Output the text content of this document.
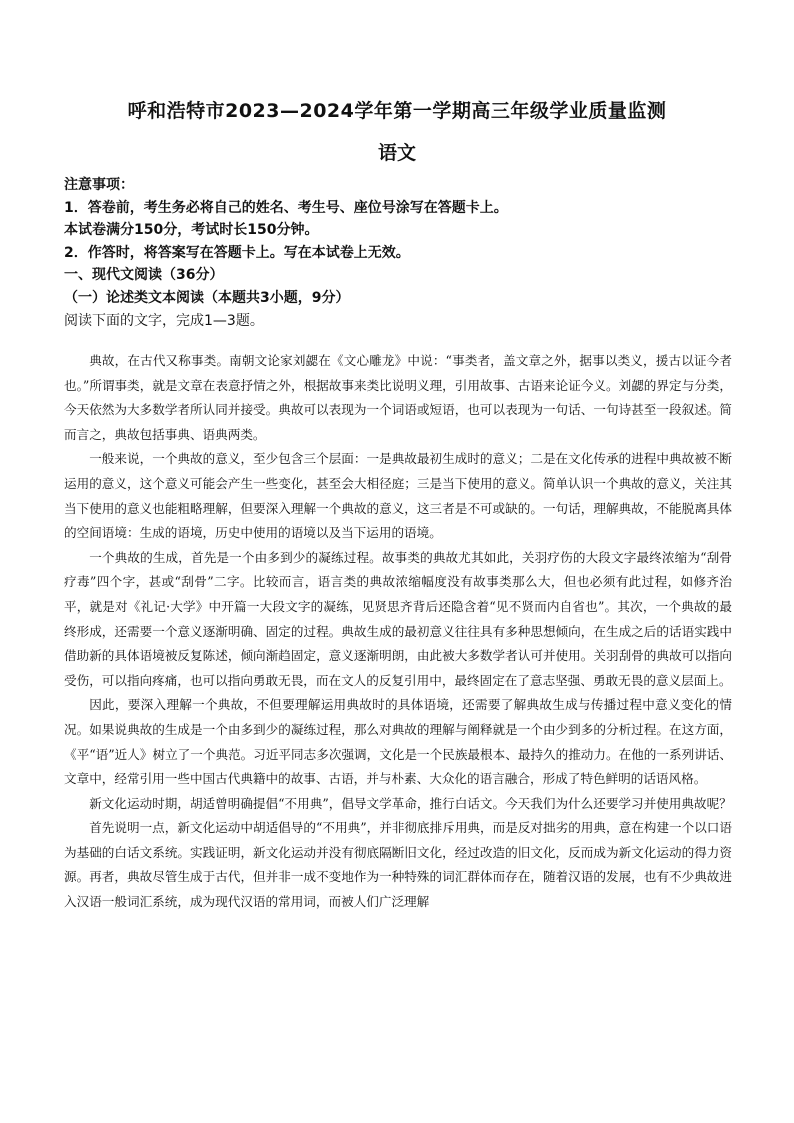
呼和浩特市2023—2024学年第一学期高三年级学业质量监测
语文
注意事项：
1．答卷前，考生务必将自己的姓名、考生号、座位号涂写在答题卡上。
本试卷满分150分，考试时长150分钟。
2．作答时，将答案写在答题卡上。写在本试卷上无效。
一、现代文阅读（36分）
（一）论述类文本阅读（本题共3小题，9分）
阅读下面的文字，完成1—3题。

典故，在古代又称事类。南朝文论家刘勰在《文心雕龙》中说：“事类者，盖文章之外，据事以类义，援古以证今者也。”所谓事类，就是文章在表意抒情之外，根据故事来类比说明义理，引用故事、古语来论证今义。刘勰的界定与分类，今天依然为大多数学者所认同并接受。典故可以表现为一个词语或短语，也可以表现为一句话、一句诗甚至一段叙述。简而言之，典故包括事典、语典两类。

一般来说，一个典故的意义，至少包含三个层面：一是典故最初生成时的意义；二是在文化传承的进程中典故被不断运用的意义，这个意义可能会产生一些变化，甚至会大相径庭；三是当下使用的意义。简单认识一个典故的意义，关注其当下使用的意义也能粗略理解，但要深入理解一个典故的意义，这三者是不可或缺的。一句话，理解典故，不能脱离具体的空间语境：生成的语境，历史中使用的语境以及当下运用的语境。

一个典故的生成，首先是一个由多到少的凝练过程。故事类的典故尤其如此，关羽疗伤的大段文字最终浓缩为“刮骨疗毒”四个字，甚或“刮骨”二字。比较而言，语言类的典故浓缩幅度没有故事类那么大，但也必须有此过程，如修齐治平，就是对《礼记·大学》中开篇一大段文字的凝练，见贤思齐背后还隐含着“见不贤而内自省也”。其次，一个典故的最终形成，还需要一个意义逐渐明确、固定的过程。典故生成的最初意义往往具有多种思想倾向，在生成之后的话语实践中借助新的具体语境被反复陈述，倾向渐趋固定，意义逐渐明朗，由此被大多数学者认可并使用。关羽刮骨的典故可以指向受伤，可以指向疼痛，也可以指向勇敢无畏，而在文人的反复引用中，最终固定在了意志坚强、勇敢无畏的意义层面上。

因此，要深入理解一个典故，不但要理解运用典故时的具体语境，还需要了解典故生成与传播过程中意义变化的情况。如果说典故的生成是一个由多到少的凝练过程，那么对典故的理解与阐释就是一个由少到多的分析过程。在这方面，《平“语”近人》树立了一个典范。习近平同志多次强调，文化是一个民族最根本、最持久的推动力。在他的一系列讲话、文章中，经常引用一些中国古代典籍中的故事、古语，并与朴素、大众化的语言融合，形成了特色鲜明的话语风格。

新文化运动时期，胡适曾明确提倡“不用典”，倡导文学革命，推行白话文。今天我们为什么还要学习并使用典故呢？

首先说明一点，新文化运动中胡适倡导的“不用典”，并非彻底排斥用典，而是反对拙劣的用典，意在构建一个以口语为基础的白话文系统。实践证明，新文化运动并没有彻底隔断旧文化，经过改造的旧文化，反而成为新文化运动的得力资源。再者，典故尽管生成于古代，但并非一成不变地作为一种特殊的词汇群体而存在，随着汉语的发展，也有不少典故进入汉语一般词汇系统，成为现代汉语的常用词，而被人们广泛理解
